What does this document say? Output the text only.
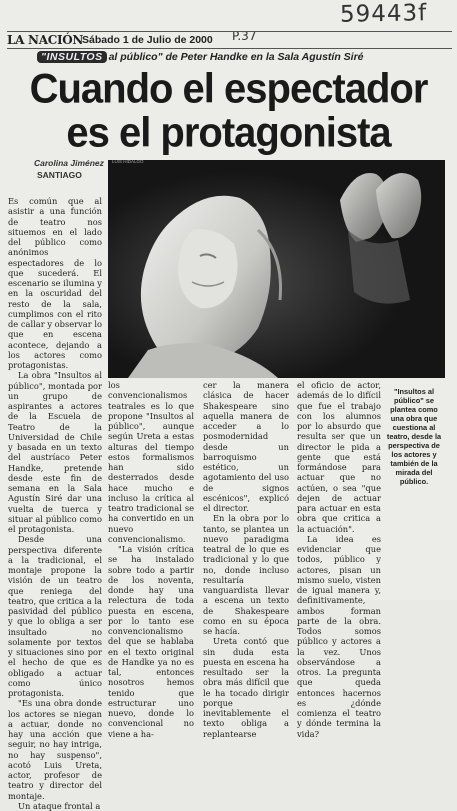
59443f
P.37
LA NACIÓN
Sábado 1 de Julio de 2000
"INSULTOS al público" de Peter Handke en la Sala Agustín Siré
Cuando el espectador
es el protagonista
Carolina Jiménez
SANTIAGO
LUIS HIDALGO

Es común que al asistir a una función de teatro nos situemos en el lado del público como anónimos espectadores de lo que sucederá. El escenario se ilumina y en la oscuridad del resto de la sala, cumplimos con el rito de callar y observar lo que en escena acontece, dejando a los actores como protagonistas.

La obra "Insultos al público", montada por un grupo de aspirantes a actores de la Escuela de Teatro de la Universidad de Chile y basada en un texto del austríaco Peter Handke, pretende desde este fin de semana en la Sala Agustín Siré dar una vuelta de tuerca y situar al público como el protagonista.

Desde una perspectiva diferente a la tradicional, el montaje propone la visión de un teatro que reniega del teatro, que critica a la pasividad del público y que lo obliga a ser insultado no solamente por textos y situaciones sino por el hecho de que es obligado a actuar como único protagonista.

"Es una obra donde los actores se niegan a actuar, donde no hay una acción que seguir, no hay intriga, no hay suspenso", acotó Luis Ureta, actor, profesor de teatro y director del montaje.

Un ataque frontal a

los convencionalismos teatrales es lo que propone "Insultos al público", aunque según Ureta a estas alturas del tiempo estos formalismos han sido desterrados desde hace mucho e incluso la crítica al teatro tradicional se ha convertido en un nuevo convencionalismo.

"La visión crítica se ha instalado sobre todo a partir de los noventa, donde hay una relectura de toda puesta en escena, por lo tanto ese convencionalismo del que se hablaba en el texto original de Handke ya no es tal, entonces nosotros hemos tenido que estructurar uno nuevo, donde lo convencional no viene a ha-

cer la manera clásica de hacer Shakespeare sino aquella manera de acceder a lo posmodernidad desde un barroquismo estético, un agotamiento del uso de signos escénicos", explicó el director.

En la obra por lo tanto, se plantea un nuevo paradigma teatral de lo que es tradicional y lo que no, donde incluso resultaría vanguardista llevar a escena un texto de Shakespeare como en su época se hacía.

Ureta contó que sin duda esta puesta en escena ha resultado ser la obra más difícil que le ha tocado dirigir porque inevitablemente el texto obliga a replantearse

el oficio de actor, además de lo difícil que fue el trabajo con los alumnos por lo absurdo que resulta ser que un director le pida a gente que está formándose para actuar que no actúen, o sea "que dejen de actuar para actuar en esta obra que critica a la actuación".

La idea es evidenciar que todos, público y actores, pisan un mismo suelo, visten de igual manera y, definitivamente, ambos forman parte de la obra. Todos somos público y actores a la vez. Unos observándose a otros. La pregunta que queda entonces hacernos es ¿dónde comienza el teatro y dónde termina la vida?

"Insultos al público" se plantea como una obra que cuestiona al teatro, desde la perspectiva de los actores y también de la mirada del público.
